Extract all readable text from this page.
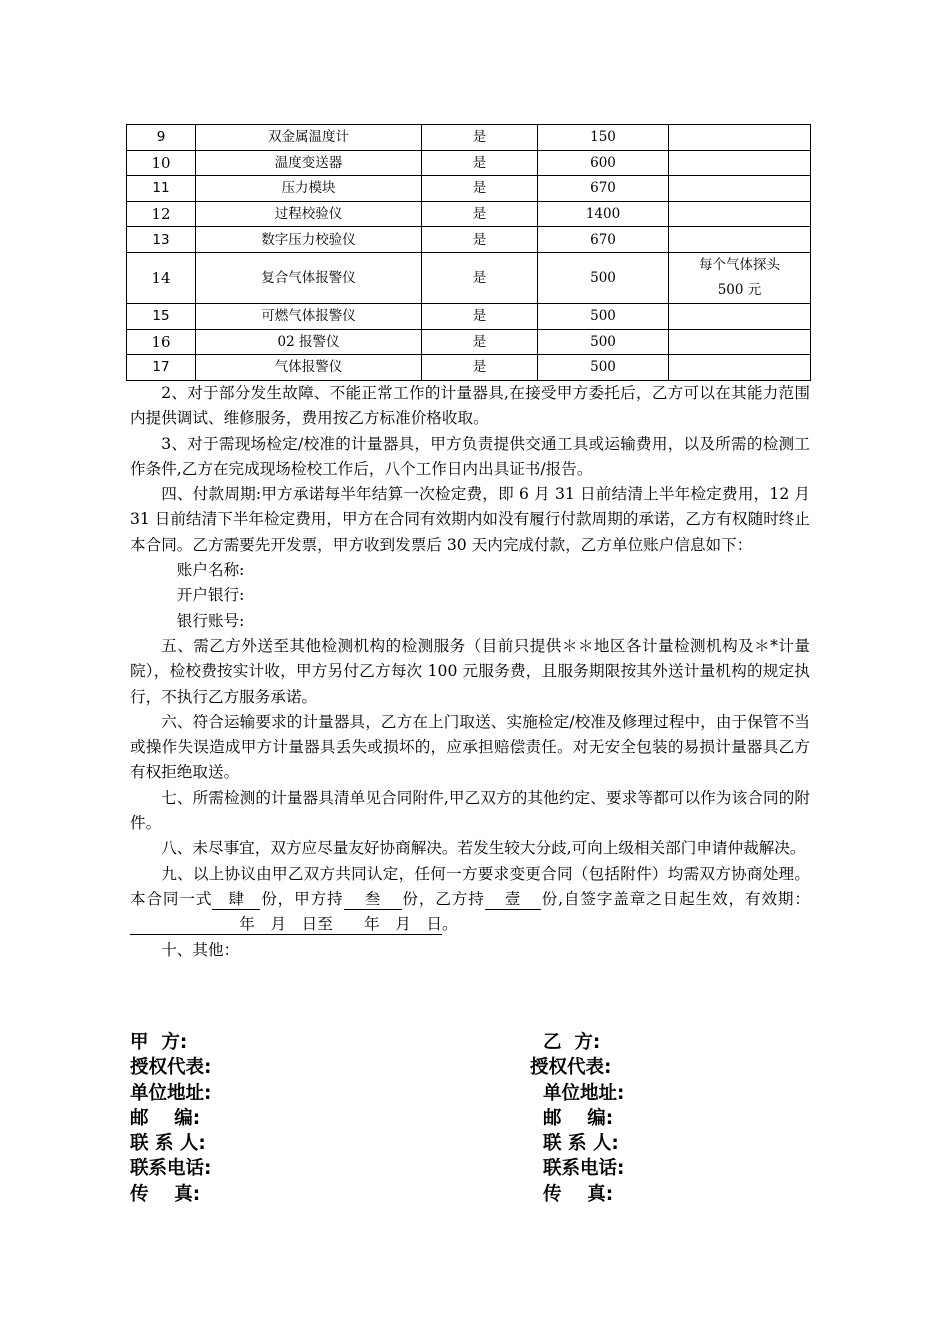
9	双金属温度计	是	150	
10	温度变送器	是	600	
11	压力模块	是	670	
12	过程校验仪	是	1400	
13	数字压力校验仪	是	670	
14	复合气体报警仪	是	500	每个气体探头
500 元

15	可燃气体报警仪	是	500	
16	02 报警仪	是	500	
17	气体报警仪	是	500	

2、对于部分发生故障、不能正常工作的计量器具,在接受甲方委托后，乙方可以在其能力范围内提供调试、维修服务，费用按乙方标准价格收取。

3、对于需现场检定/校准的计量器具，甲方负责提供交通工具或运输费用，以及所需的检测工作条件,乙方在完成现场检校工作后，八个工作日内出具证书/报告。

四、付款周期:甲方承诺每半年结算一次检定费，即 6 月 31 日前结清上半年检定费用，12 月 31 日前结清下半年检定费用，甲方在合同有效期内如没有履行付款周期的承诺，乙方有权随时终止本合同。乙方需要先开发票，甲方收到发票后 30 天内完成付款，乙方单位账户信息如下：

账户名称:

开户银行:

银行账号:

五、需乙方外送至其他检测机构的检测服务（目前只提供＊＊地区各计量检测机构及＊*计量院），检校费按实计收，甲方另付乙方每次 100 元服务费，且服务期限按其外送计量机构的规定执行，不执行乙方服务承诺。

六、符合运输要求的计量器具，乙方在上门取送、实施检定/校准及修理过程中，由于保管不当或操作失误造成甲方计量器具丢失或损坏的，应承担赔偿责任。对无安全包装的易损计量器具乙方有权拒绝取送。

七、所需检测的计量器具清单见合同附件,甲乙双方的其他约定、要求等都可以作为该合同的附件。

八、未尽事宜，双方应尽量友好协商解决。若发生较大分歧,可向上级相关部门申请仲裁解决。

九、以上协议由甲乙双方共同认定，任何一方要求变更合同（包括附件）均需双方协商处理。本合同一式 肆 份，甲方持 叁 份，乙方持 壹 份,自签字盖章之日起生效，有效期：年　月　日至　　年　月　日。

十、其他：

甲  方:
授权代表:
单位地址:
邮    编:
联 系 人:
联系电话:
传    真:
乙  方:
授权代表:
单位地址:
邮    编:
联 系 人:
联系电话:
传    真:
